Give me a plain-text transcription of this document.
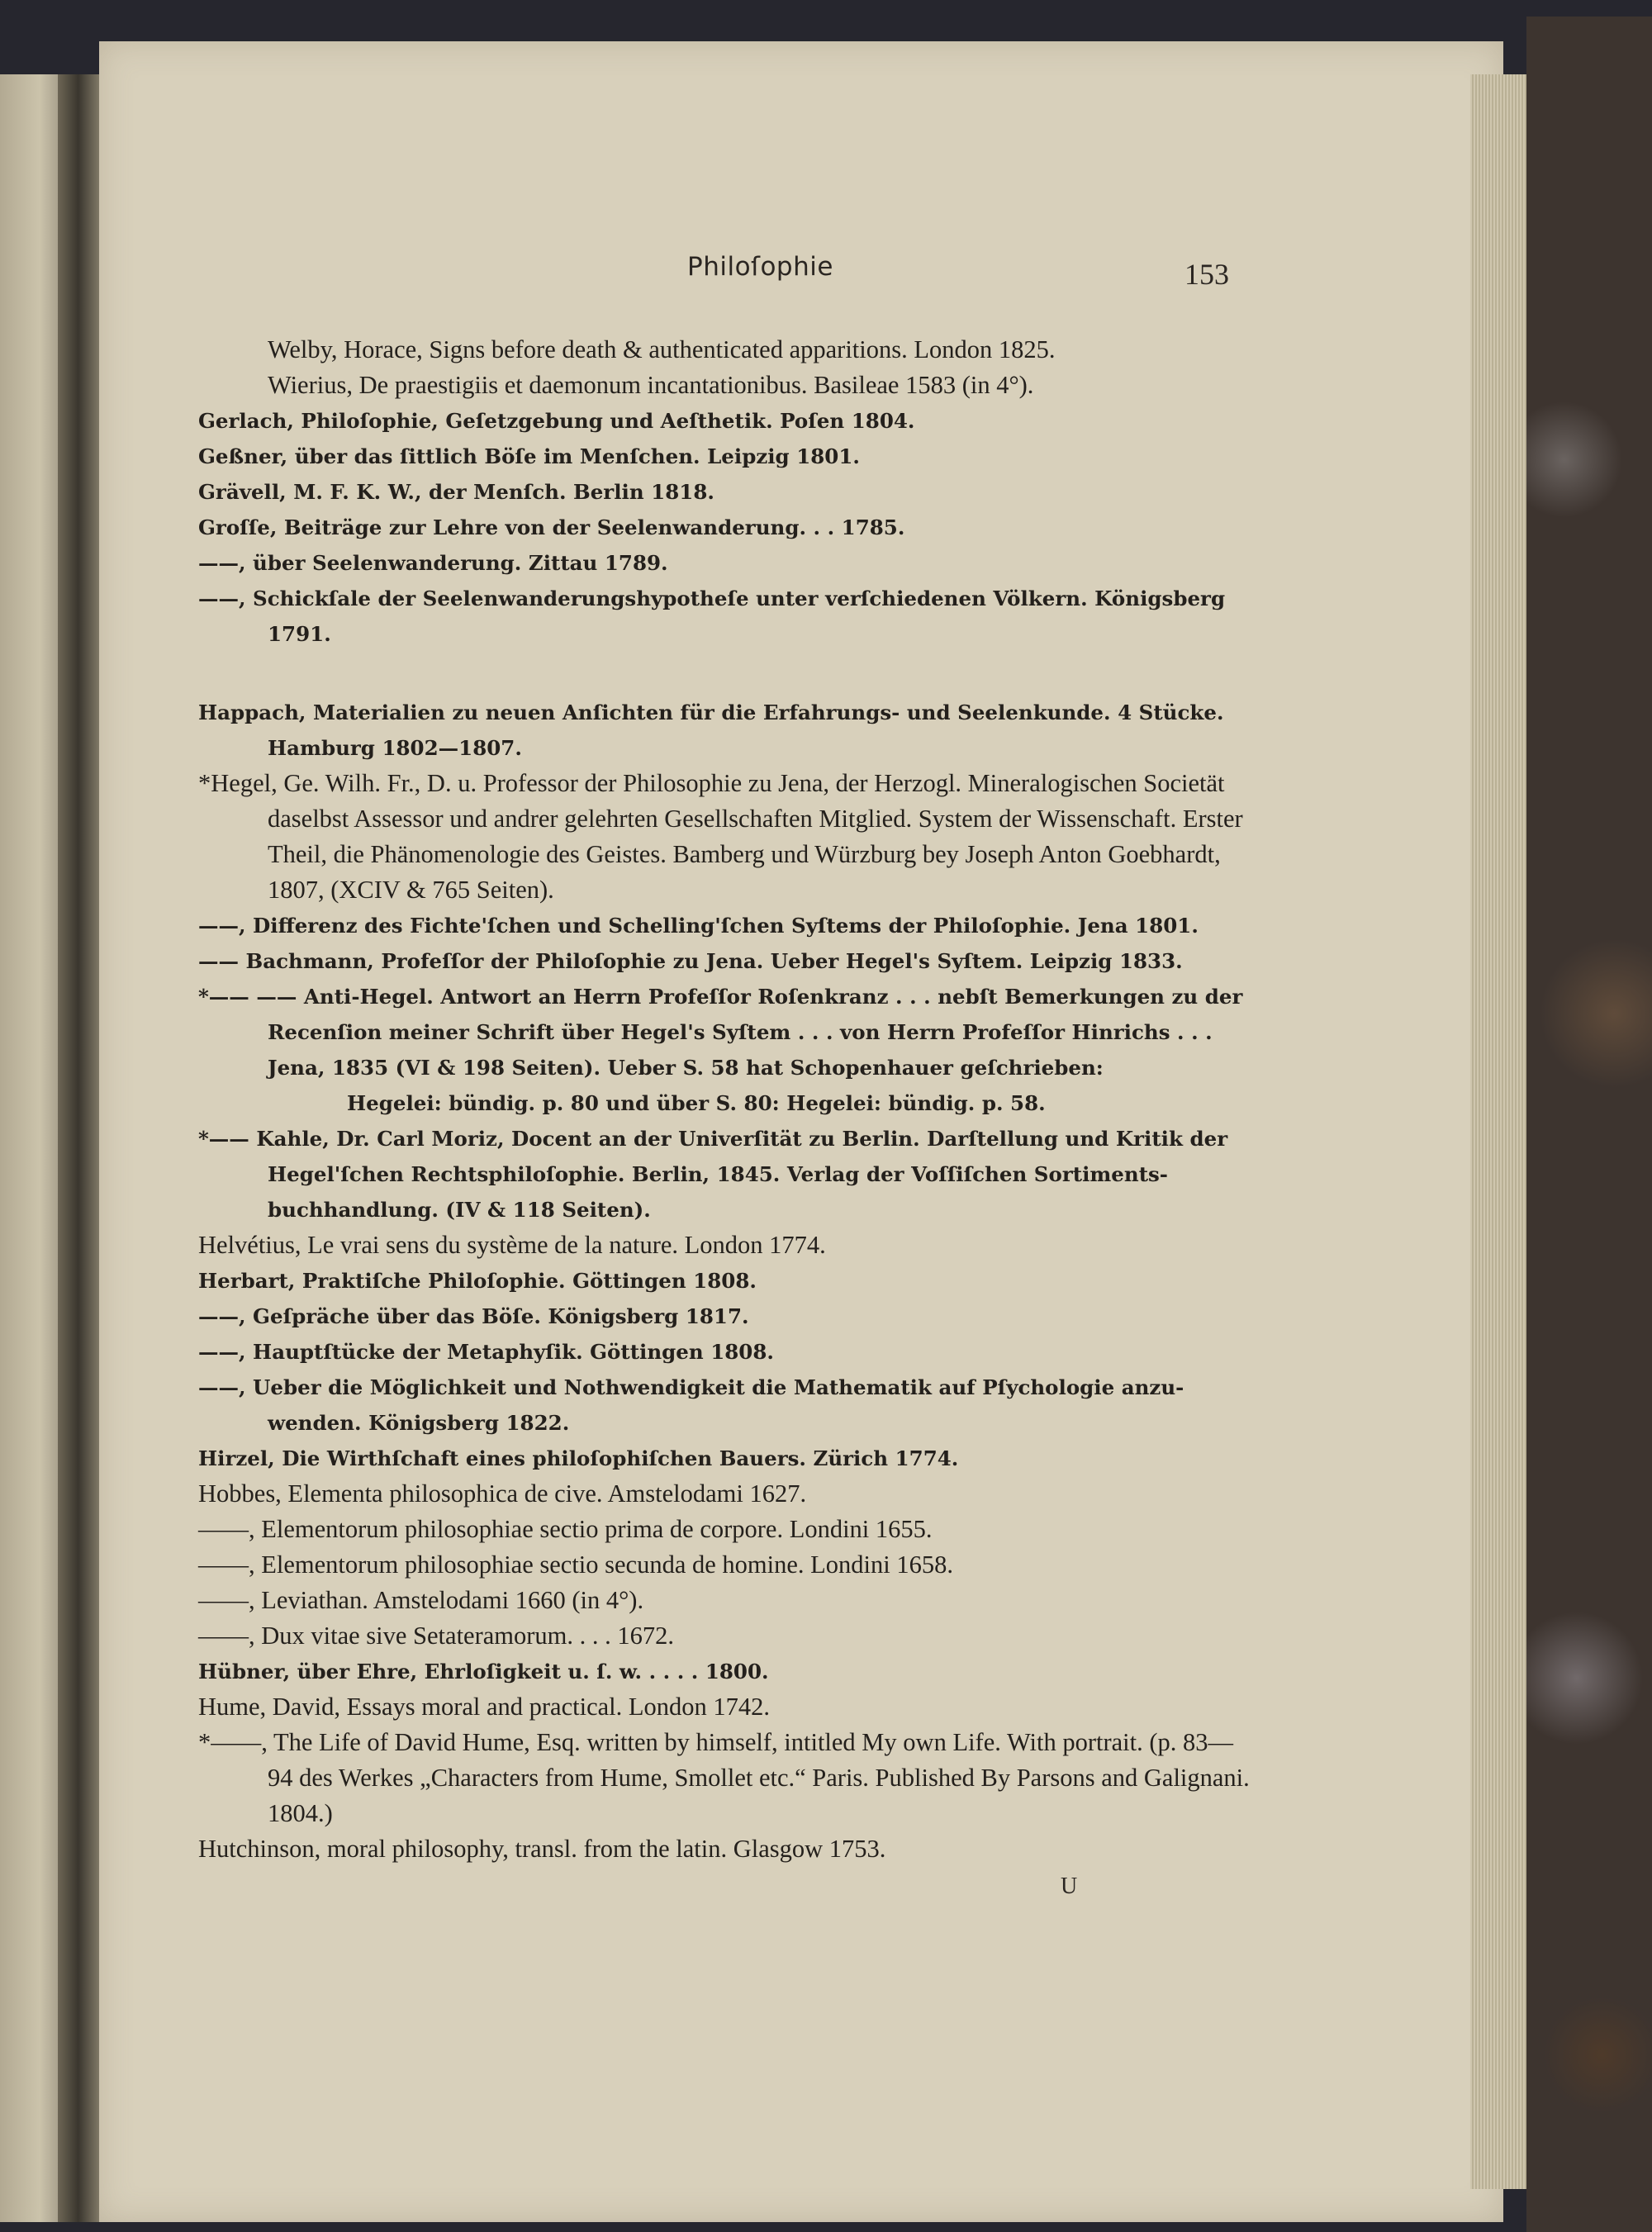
Philoſophie	153
Welby, Horace, Signs before death & authenticated apparitions. London 1825.
Wierius, De praestigiis et daemonum incantationibus. Basileae 1583 (in 4°).
Gerlach, Philoſophie, Geſetzgebung und Aeſthetik. Poſen 1804.
Geßner, über das ſittlich Böſe im Menſchen. Leipzig 1801.
Grävell, M. F. K. W., der Menſch. Berlin 1818.
Groſſe, Beiträge zur Lehre von der Seelenwanderung. . . 1785.
——, über Seelenwanderung. Zittau 1789.
——, Schickſale der Seelenwanderungshypotheſe unter verſchiedenen Völkern. Königsberg 1791.
Happach, Materialien zu neuen Anſichten für die Erfahrungs- und Seelenkunde. 4 Stücke. Hamburg 1802—1807.
*Hegel, Ge. Wilh. Fr., D. u. Professor der Philosophie zu Jena, der Herzogl. Mineralogischen Societät daselbst Assessor und andrer gelehrten Gesellschaften Mitglied. System der Wissenschaft. Erster Theil, die Phänomenologie des Geistes. Bamberg und Würzburg bey Joseph Anton Goebhardt, 1807, (XCIV & 765 Seiten).
——, Differenz des Fichte'ſchen und Schelling'ſchen Syſtems der Philoſophie. Jena 1801.
—— Bachmann, Profeſſor der Philoſophie zu Jena. Ueber Hegel's Syſtem. Leipzig 1833.
*—— —— Anti-Hegel. Antwort an Herrn Profeſſor Roſenkranz . . . nebſt Bemerkungen zu der Recenſion meiner Schrift über Hegel's Syſtem . . . von Herrn Profeſſor Hinrichs . . . Jena, 1835 (VI & 198 Seiten). Ueber S. 58 hat Schopenhauer geſchrieben:
Hegelei: bündig. p. 80 und über S. 80: Hegelei: bündig. p. 58.
*—— Kahle, Dr. Carl Moriz, Docent an der Univerſität zu Berlin. Darſtellung und Kritik der Hegel'ſchen Rechtsphiloſophie. Berlin, 1845. Verlag der Voſſiſchen Sortiments-buchhandlung. (IV & 118 Seiten).
Helvétius, Le vrai sens du système de la nature. London 1774.
Herbart, Praktiſche Philoſophie. Göttingen 1808.
——, Geſpräche über das Böſe. Königsberg 1817.
——, Hauptſtücke der Metaphyſik. Göttingen 1808.
——, Ueber die Möglichkeit und Nothwendigkeit die Mathematik auf Pſychologie anzu-wenden. Königsberg 1822.
Hirzel, Die Wirthſchaft eines philoſophiſchen Bauers. Zürich 1774.
Hobbes, Elementa philosophica de cive. Amstelodami 1627.
——, Elementorum philosophiae sectio prima de corpore. Londini 1655.
——, Elementorum philosophiae sectio secunda de homine. Londini 1658.
——, Leviathan. Amstelodami 1660 (in 4°).
——, Dux vitae sive Setateramorum. . . . 1672.
Hübner, über Ehre, Ehrloſigkeit u. ſ. w. . . . . 1800.
Hume, David, Essays moral and practical. London 1742.
*——, The Life of David Hume, Esq. written by himself, intitled My own Life. With portrait. (p. 83—94 des Werkes „Characters from Hume, Smollet etc.“ Paris. Published By Parsons and Galignani. 1804.)
Hutchinson, moral philosophy, transl. from the latin. Glasgow 1753.
U
